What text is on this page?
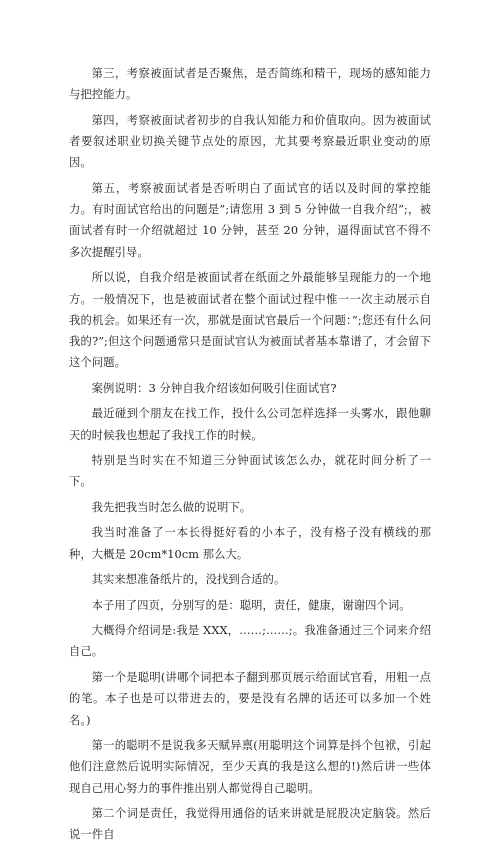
第三，考察被面试者是否聚焦，是否简练和精干，现场的感知能力与把控能力。

第四，考察被面试者初步的自我认知能力和价值取向。因为被面试者要叙述职业切换关键节点处的原因，尤其要考察最近职业变动的原因。

第五，考察被面试者是否听明白了面试官的话以及时间的掌控能力。有时面试官给出的问题是”;请您用 3 到 5 分钟做一自我介绍”;，被面试者有时一介绍就超过 10 分钟，甚至 20 分钟，逼得面试官不得不多次提醒引导。

所以说，自我介绍是被面试者在纸面之外最能够呈现能力的一个地方。一般情况下，也是被面试者在整个面试过程中惟一一次主动展示自我的机会。如果还有一次，那就是面试官最后一个问题：”;您还有什么问我的?”;但这个问题通常只是面试官认为被面试者基本靠谱了，才会留下这个问题。

案例说明：3 分钟自我介绍该如何吸引住面试官?

最近碰到个朋友在找工作，投什么公司怎样选择一头雾水，跟他聊天的时候我也想起了我找工作的时候。

特别是当时实在不知道三分钟面试该怎么办，就花时间分析了一下。

我先把我当时怎么做的说明下。

我当时准备了一本长得挺好看的小本子，没有格子没有横线的那种，大概是 20cm*10cm 那么大。

其实来想准备纸片的，没找到合适的。

本子用了四页，分别写的是：聪明，责任，健康，谢谢四个词。

大概得介绍词是:我是 XXX，……;……;。我准备通过三个词来介绍自己。

第一个是聪明(讲哪个词把本子翻到那页展示给面试官看，用粗一点的笔。本子也是可以带进去的，要是没有名牌的话还可以多加一个姓名。)

第一的聪明不是说我多天赋异禀(用聪明这个词算是抖个包袱，引起他们注意然后说明实际情况，至少天真的我是这么想的!)然后讲一些体现自己用心努力的事件推出别人都觉得自己聪明。

第二个词是责任，我觉得用通俗的话来讲就是屁股决定脑袋。然后说一件自
